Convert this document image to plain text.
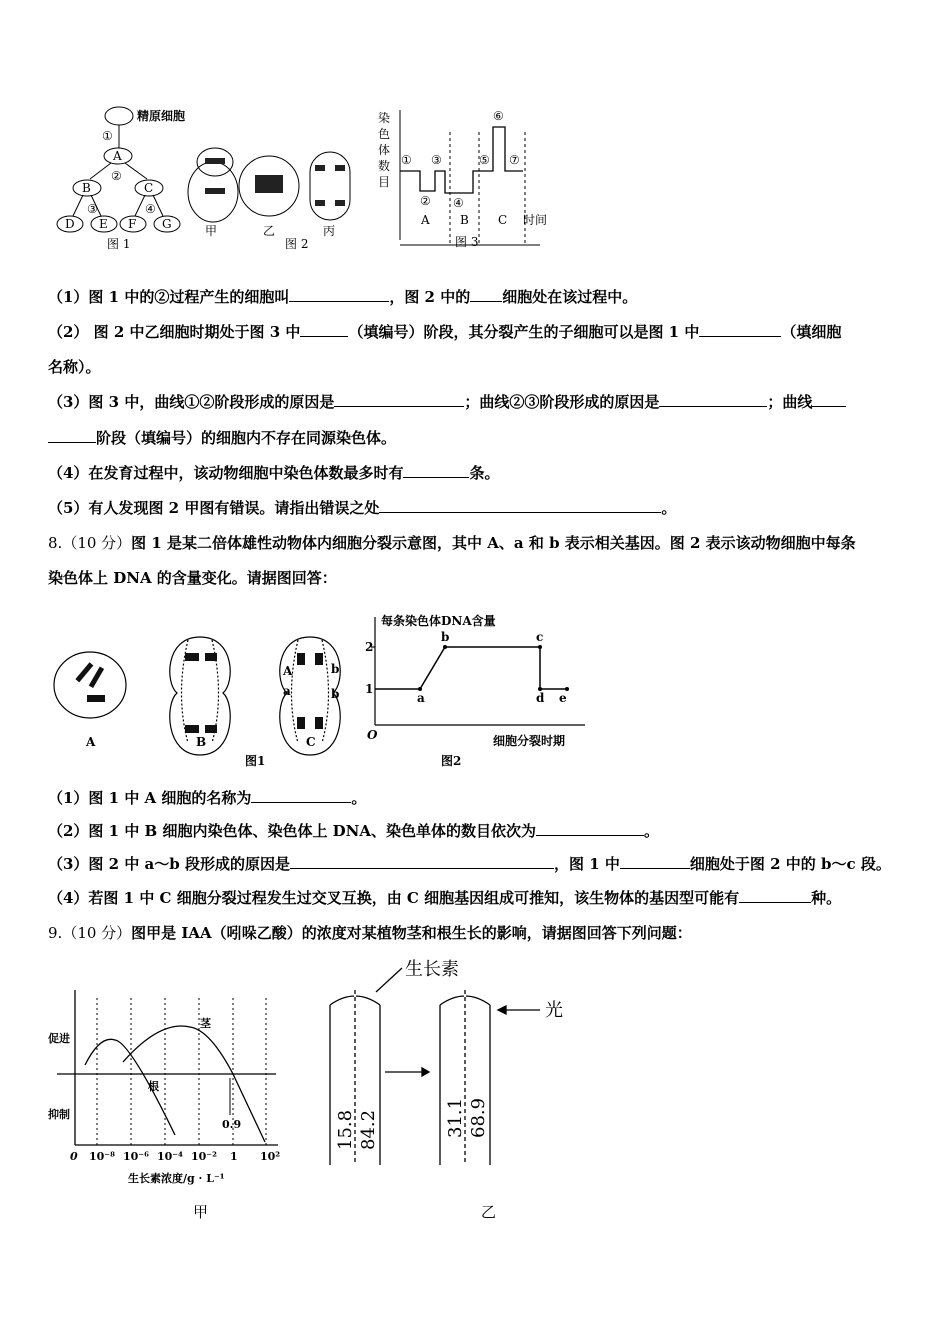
精原细胞
A
B	C
D E F G
①
②
③	④
图 1
甲	乙	丙
图 2
染
色
体
数
目
①
②
③
④
⑤
⑥
⑦
A	B C 时间
图 3
（1）图 1 中的②过程产生的细胞叫	，图 2 中的 细胞处在该过程中。
（2） 图 2 中乙细胞时期处于图 3 中	（填编号）阶段，其分裂产生的子细胞可以是图 1 中	（填细胞
名称）。
（3）图 3 中，曲线①②阶段形成的原因是	；曲线②③阶段形成的原因是	；曲线
阶段（填编号）的细胞内不存在同源染色体。
（4）在发育过程中，该动物细胞中染色体数最多时有	条。
（5）有人发现图 2 甲图有错误。请指出错误之处	。
8.（10 分）图 1 是某二倍体雄性动物体内细胞分裂示意图，其中 A、a 和 b 表示相关基因。图 2 表示该动物细胞中每条
染色体上 DNA 的含量变化。请据图回答：
A	B	C
A
a
b
b
图1
每条染色体DNA含量
2
1
a
b	c
d e
O	细胞分裂时期
图2
（1）图 1 中 A 细胞的名称为	。
（2）图 1 中 B 细胞内染色体、染色体上 DNA、染色单体的数目依次为	。
（3）图 2 中 a～b 段形成的原因是	，图 1 中	细胞处于图 2 中的 b～c 段。
（4）若图 1 中 C 细胞分裂过程发生过交叉互换，由 C 细胞基因组成可推知，该生物体的基因型可能有	种。
9.（10 分）图甲是 IAA（吲哚乙酸）的浓度对某植物茎和根生长的影响，请据图回答下列问题：
促进
抑制
0 10⁻⁸ 10⁻⁶ 10⁻⁴ 10⁻² 1 10²
生长素浓度/g · L⁻¹
茎
根
0.9
甲
生长素
光
15.8 84.2	31.1 68.9
乙
